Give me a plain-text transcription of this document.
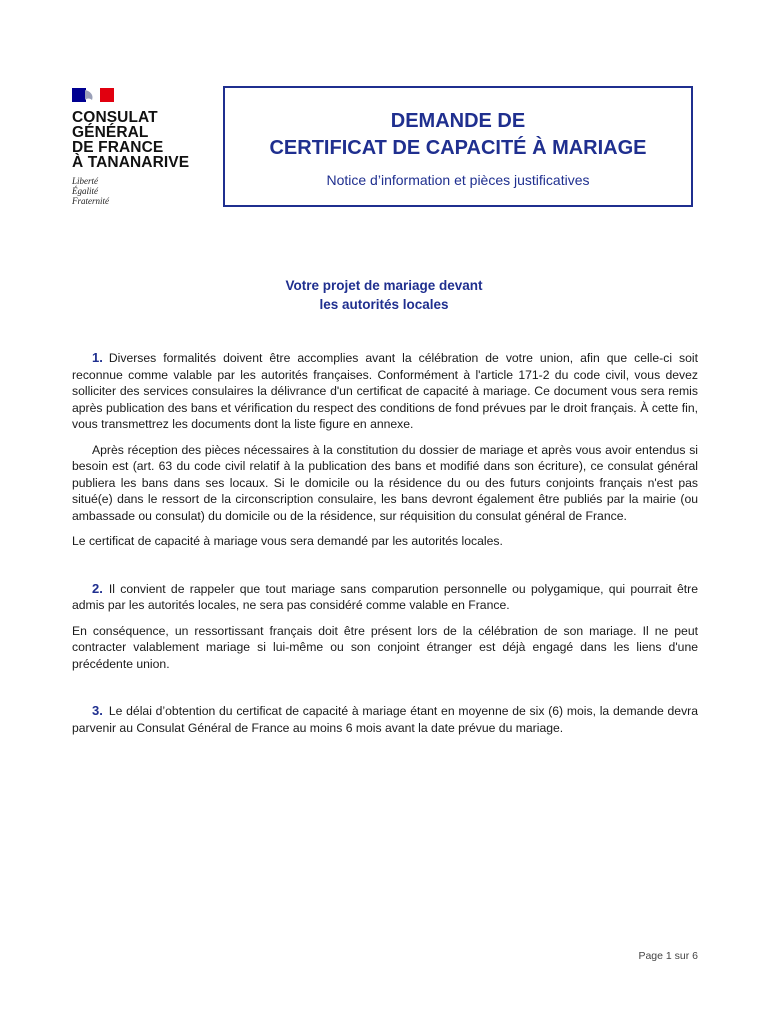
CONSULAT
GÉNÉRAL
DE FRANCE
À TANANARIVE
Liberté
Égalité
Fraternité
DEMANDE DE
CERTIFICAT DE CAPACITÉ À MARIAGE
Notice d’information et pièces justificatives
Votre projet de mariage devant
les autorités locales

1. Diverses formalités doivent être accomplies avant la célébration de votre union, afin que celle-ci soit reconnue comme valable par les autorités françaises. Conformément à l'article 171-2 du code civil, vous devez solliciter des services consulaires la délivrance d'un certificat de capacité à mariage. Ce document vous sera remis après publication des bans et vérification du respect des conditions de fond prévues par le droit français. À cette fin, vous transmettrez les documents dont la liste figure en annexe.

Après réception des pièces nécessaires à la constitution du dossier de mariage et après vous avoir entendus si besoin est (art. 63 du code civil relatif à la publication des bans et modifié dans son écriture), ce consulat général publiera les bans dans ses locaux. Si le domicile ou la résidence du ou des futurs conjoints français n'est pas situé(e) dans le ressort de la circonscription consulaire, les bans devront également être publiés par la mairie (ou ambassade ou consulat) du domicile ou de la résidence, sur réquisition du consulat général de France.

Le certificat de capacité à mariage vous sera demandé par les autorités locales.

2. Il convient de rappeler que tout mariage sans comparution personnelle ou polygamique, qui pourrait être admis par les autorités locales, ne sera pas considéré comme valable en France.

En conséquence, un ressortissant français doit être présent lors de la célébration de son mariage. Il ne peut contracter valablement mariage si lui-même ou son conjoint étranger est déjà engagé dans les liens d'une précédente union.

3. Le délai d’obtention du certificat de capacité à mariage étant en moyenne de six (6) mois, la demande devra parvenir au Consulat Général de France au moins 6 mois avant la date prévue du mariage.

Page 1 sur 6
